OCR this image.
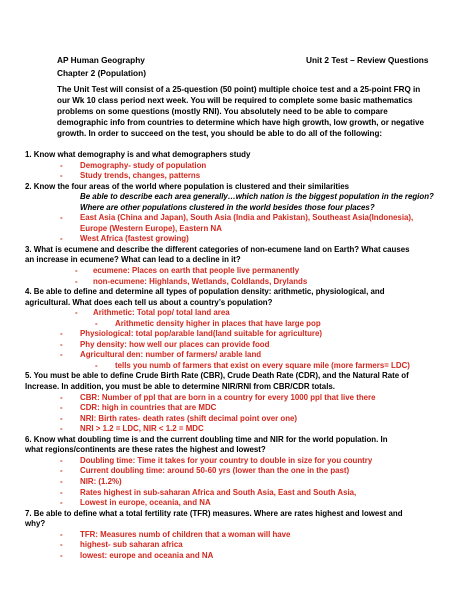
AP Human Geography
Chapter 2 (Population)
Unit 2 Test – Review Questions
The Unit Test will consist of a 25-question (50 point) multiple choice test and a 25-point FRQ in our Wk 10 class period next week. You will be required to complete some basic mathematics problems on some questions (mostly RNI). You absolutely need to be able to compare demographic info from countries to determine which have high growth, low growth, or negative growth. In order to succeed on the test, you should be able to do all of the following:
1. Know what demography is and what demographers study
- Demography- study of population
- Study trends, changes, patterns
2. Know the four areas of the world where population is clustered and their similarities
Be able to describe each area generally…which nation is the biggest population in the region?
Where are other populations clustered in the world besides those four places?
- East Asia (China and Japan), South Asia (India and Pakistan), Southeast Asia(Indonesia),
Europe (Western Europe), Eastern NA
- West Africa (fastest growing)
3. What is ecumene and describe the different categories of non-ecumene land on Earth? What causes
an increase in ecumene? What can lead to a decline in it?
- ecumene: Places on earth that people live permanently
- non-ecumene: Highlands, Wetlands, Coldlands, Drylands
4. Be able to define and determine all types of population density: arithmetic, physiological, and
agricultural. What does each tell us about a country’s population?
- Arithmetic: Total pop/ total land area
- Arithmetic density higher in places that have large pop
- Physiological: total pop/arable land(land suitable for agriculture)
- Phy density: how well our places can provide food
- Agricultural den: number of farmers/ arable land
- tells you numb of farmers that exist on every square mile (more farmers= LDC)
5. You must be able to define Crude Birth Rate (CBR), Crude Death Rate (CDR), and the Natural Rate of
Increase. In addition, you must be able to determine NIR/RNI from CBR/CDR totals.
- CBR: Number of ppl that are born in a country for every 1000 ppl that live there
- CDR: high in countries that are MDC
- NRI: Birth rates- death rates (shift decimal point over one)
- NRI > 1.2 = LDC, NIR < 1.2 = MDC
6. Know what doubling time is and the current doubling time and NIR for the world population. In
what regions/continents are these rates the highest and lowest?
- Doubling time: Time it takes for your country to double in size for you country
- Current doubling time: around 50-60 yrs (lower than the one in the past)
- NIR: (1.2%)
- Rates highest in sub-saharan Africa and South Asia, East and South Asia,
- Lowest in europe, oceania, and NA
7. Be able to define what a total fertility rate (TFR) measures. Where are rates highest and lowest and
why?
- TFR: Measures numb of children that a woman will have
- highest- sub saharan africa
- lowest: europe and oceania and NA
